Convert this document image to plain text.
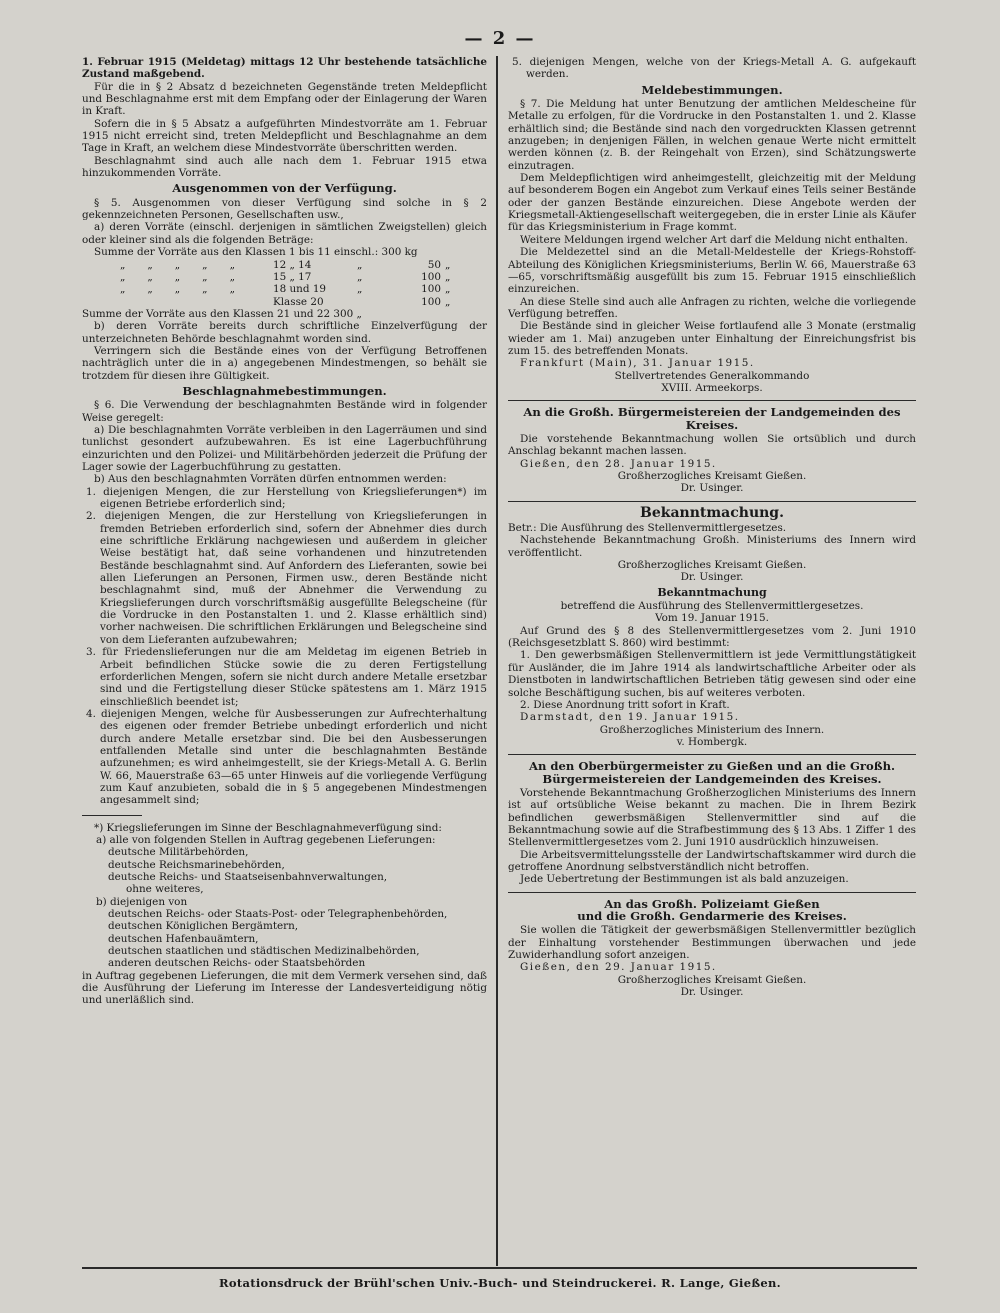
— 2 —

1. Februar 1915 (Meldetag) mittags 12 Uhr bestehende tatsächliche Zustand maßgebend.

Für die in § 2 Absatz d bezeichneten Gegenstände treten Meldepflicht und Beschlagnahme erst mit dem Empfang oder der Einlagerung der Waren in Kraft.

Sofern die in § 5 Absatz a aufgeführten Mindestvorräte am 1. Februar 1915 nicht erreicht sind, treten Meldepflicht und Beschlagnahme an dem Tage in Kraft, an welchem diese Mindestvorräte überschritten werden.

Beschlagnahmt sind auch alle nach dem 1. Februar 1915 etwa hinzukommenden Vorräte.

Ausgenommen von der Verfügung.

§ 5. Ausgenommen von dieser Verfügung sind solche in § 2 gekennzeichneten Personen, Gesellschaften usw.,

a) deren Vorräte (einschl. derjenigen in sämtlichen Zweigstellen) gleich oder kleiner sind als die folgenden Beträge:

Summe der Vorräte aus den Klassen 1 bis 11 einschl.: 300 kg

„		„		„		„		„		12 „ 14	„	50	„
„		„		„		„		„		15 „ 17	„	100	„
„		„		„		„		„		18 und 19	„	100	„
										Klasse 20		100	„

Summe der Vorräte aus den Klassen 21 und 22 300 „

b) deren Vorräte bereits durch schriftliche Einzelverfügung der unterzeichneten Behörde beschlagnahmt worden sind.

Verringern sich die Bestände eines von der Verfügung Betroffenen nachträglich unter die in a) angegebenen Mindestmengen, so behält sie trotzdem für diesen ihre Gültigkeit.

Beschlagnahmebestimmungen.

§ 6. Die Verwendung der beschlagnahmten Bestände wird in folgender Weise geregelt:

a) Die beschlagnahmten Vorräte verbleiben in den Lagerräumen und sind tunlichst gesondert aufzubewahren. Es ist eine Lagerbuchführung einzurichten und den Polizei- und Militärbehörden jederzeit die Prüfung der Lager sowie der Lagerbuchführung zu gestatten.

b) Aus den beschlagnahmten Vorräten dürfen entnommen werden:

1. diejenigen Mengen, die zur Herstellung von Kriegslieferungen*) im eigenen Betriebe erforderlich sind;

2. diejenigen Mengen, die zur Herstellung von Kriegslieferungen in fremden Betrieben erforderlich sind, sofern der Abnehmer dies durch eine schriftliche Erklärung nachgewiesen und außerdem in gleicher Weise bestätigt hat, daß seine vorhandenen und hinzutretenden Bestände beschlagnahmt sind. Auf Anfordern des Lieferanten, sowie bei allen Lieferungen an Personen, Firmen usw., deren Bestände nicht beschlagnahmt sind, muß der Abnehmer die Verwendung zu Kriegslieferungen durch vorschriftsmäßig ausgefüllte Belegscheine (für die Vordrucke in den Postanstalten 1. und 2. Klasse erhältlich sind) vorher nachweisen. Die schriftlichen Erklärungen und Belegscheine sind von dem Lieferanten aufzubewahren;

3. für Friedenslieferungen nur die am Meldetag im eigenen Betrieb in Arbeit befindlichen Stücke sowie die zu deren Fertigstellung erforderlichen Mengen, sofern sie nicht durch andere Metalle ersetzbar sind und die Fertigstellung dieser Stücke spätestens am 1. März 1915 einschließlich beendet ist;

4. diejenigen Mengen, welche für Ausbesserungen zur Aufrechterhaltung des eigenen oder fremder Betriebe unbedingt erforderlich und nicht durch andere Metalle ersetzbar sind. Die bei den Ausbesserungen entfallenden Metalle sind unter die beschlagnahmten Bestände aufzunehmen; es wird anheimgestellt, sie der Kriegs-Metall A. G. Berlin W. 66, Mauerstraße 63—65 unter Hinweis auf die vorliegende Verfügung zum Kauf anzubieten, sobald die in § 5 angegebenen Mindestmengen angesammelt sind;

*) Kriegslieferungen im Sinne der Beschlagnahmeverfügung sind:

a) alle von folgenden Stellen in Auftrag gegebenen Lieferungen:

deutsche Militärbehörden,

deutsche Reichsmarinebehörden,

deutsche Reichs- und Staatseisenbahnverwaltungen,

ohne weiteres,

b) diejenigen von

deutschen Reichs- oder Staats-Post- oder Telegraphenbehörden,

deutschen Königlichen Bergämtern,

deutschen Hafenbauämtern,

deutschen staatlichen und städtischen Medizinalbehörden,

anderen deutschen Reichs- oder Staatsbehörden

in Auftrag gegebenen Lieferungen, die mit dem Vermerk versehen sind, daß die Ausführung der Lieferung im Interesse der Landesverteidigung nötig und unerläßlich sind.

5. diejenigen Mengen, welche von der Kriegs-Metall A. G. aufgekauft werden.

Meldebestimmungen.

§ 7. Die Meldung hat unter Benutzung der amtlichen Meldescheine für Metalle zu erfolgen, für die Vordrucke in den Postanstalten 1. und 2. Klasse erhältlich sind; die Bestände sind nach den vorgedruckten Klassen getrennt anzugeben; in denjenigen Fällen, in welchen genaue Werte nicht ermittelt werden können (z. B. der Reingehalt von Erzen), sind Schätzungswerte einzutragen.

Dem Meldepflichtigen wird anheimgestellt, gleichzeitig mit der Meldung auf besonderem Bogen ein Angebot zum Verkauf eines Teils seiner Bestände oder der ganzen Bestände einzureichen. Diese Angebote werden der Kriegsmetall-Aktiengesellschaft weitergegeben, die in erster Linie als Käufer für das Kriegsministerium in Frage kommt.

Weitere Meldungen irgend welcher Art darf die Meldung nicht enthalten.

Die Meldezettel sind an die Metall-Meldestelle der Kriegs-Rohstoff-Abteilung des Königlichen Kriegsministeriums, Berlin W. 66, Mauerstraße 63—65, vorschriftsmäßig ausgefüllt bis zum 15. Februar 1915 einschließlich einzureichen.

An diese Stelle sind auch alle Anfragen zu richten, welche die vorliegende Verfügung betreffen.

Die Bestände sind in gleicher Weise fortlaufend alle 3 Monate (erstmalig wieder am 1. Mai) anzugeben unter Einhaltung der Einreichungsfrist bis zum 15. des betreffenden Monats.

Frankfurt (Main), 31. Januar 1915.

Stellvertretendes Generalkommando

XVIII. Armeekorps.

An die Großh. Bürgermeistereien der Landgemeinden des Kreises.

Die vorstehende Bekanntmachung wollen Sie ortsüblich und durch Anschlag bekannt machen lassen.

Gießen, den 28. Januar 1915.

Großherzogliches Kreisamt Gießen.

Dr. Usinger.

Bekanntmachung.

Betr.: Die Ausführung des Stellenvermittlergesetzes.

Nachstehende Bekanntmachung Großh. Ministeriums des Innern wird veröffentlicht.

Großherzogliches Kreisamt Gießen.

Dr. Usinger.

Bekanntmachung

betreffend die Ausführung des Stellenvermittlergesetzes.

Vom 19. Januar 1915.

Auf Grund des § 8 des Stellenvermittlergesetzes vom 2. Juni 1910 (Reichsgesetzblatt S. 860) wird bestimmt:

1. Den gewerbsmäßigen Stellenvermittlern ist jede Vermittlungstätigkeit für Ausländer, die im Jahre 1914 als landwirtschaftliche Arbeiter oder als Dienstboten in landwirtschaftlichen Betrieben tätig gewesen sind oder eine solche Beschäftigung suchen, bis auf weiteres verboten.

2. Diese Anordnung tritt sofort in Kraft.

Darmstadt, den 19. Januar 1915.

Großherzogliches Ministerium des Innern.

v. Hombergk.

An den Oberbürgermeister zu Gießen und an die Großh. Bürgermeistereien der Landgemeinden des Kreises.

Vorstehende Bekanntmachung Großherzoglichen Ministeriums des Innern ist auf ortsübliche Weise bekannt zu machen. Die in Ihrem Bezirk befindlichen gewerbsmäßigen Stellenvermittler sind auf die Bekanntmachung sowie auf die Strafbestimmung des § 13 Abs. 1 Ziffer 1 des Stellenvermittlergesetzes vom 2. Juni 1910 ausdrücklich hinzuweisen.

Die Arbeitsvermittelungsstelle der Landwirtschaftskammer wird durch die getroffene Anordnung selbstverständlich nicht betroffen.

Jede Uebertretung der Bestimmungen ist als bald anzuzeigen.

An das Großh. Polizeiamt Gießen
und die Großh. Gendarmerie des Kreises.

Sie wollen die Tätigkeit der gewerbsmäßigen Stellenvermittler bezüglich der Einhaltung vorstehender Bestimmungen überwachen und jede Zuwiderhandlung sofort anzeigen.

Gießen, den 29. Januar 1915.

Großherzogliches Kreisamt Gießen.

Dr. Usinger.

Rotationsdruck der Brühl'schen Univ.-Buch- und Steindruckerei. R. Lange, Gießen.
